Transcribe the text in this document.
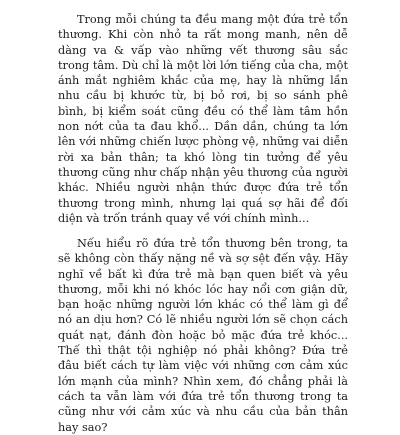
Trong mỗi chúng ta đều mang một đứa trẻ tổn thương. Khi còn nhỏ ta rất mong manh, nên dễ dàng va & vấp vào những vết thương sâu sắc trong tâm. Dù chỉ là một lời lớn tiếng của cha, một ánh mắt nghiêm khắc của mẹ, hay là những lần nhu cầu bị khước từ, bị bỏ rơi, bị so sánh phê bình, bị kiểm soát cũng đều có thể làm tâm hồn non nớt của ta đau khổ... Dần dần, chúng ta lớn lên với những chiến lược phòng vệ, những vai diễn rời xa bản thân; ta khó lòng tin tưởng để yêu thương cũng như chấp nhận yêu thương của người khác. Nhiều người nhận thức được đứa trẻ tổn thương trong mình, nhưng lại quá sợ hãi để đối diện và trốn tránh quay về với chính mình...

Nếu hiểu rõ đứa trẻ tổn thương bên trong, ta sẽ không còn thấy nặng nề và sợ sệt đến vậy. Hãy nghĩ về bất kì đứa trẻ mà bạn quen biết và yêu thương, mỗi khi nó khóc lóc hay nổi cơn giận dữ, bạn hoặc những người lớn khác có thể làm gì để nó an dịu hơn? Có lẽ nhiều người lớn sẽ chọn cách quát nạt, đánh đòn hoặc bỏ mặc đứa trẻ khóc... Thế thì thật tội nghiệp nó phải không? Đứa trẻ đâu biết cách tự làm việc với những cơn cảm xúc lớn mạnh của mình? Nhìn xem, đó chẳng phải là cách ta vẫn làm với đứa trẻ tổn thương trong ta cũng như với cảm xúc và nhu cầu của bản thân hay sao?
